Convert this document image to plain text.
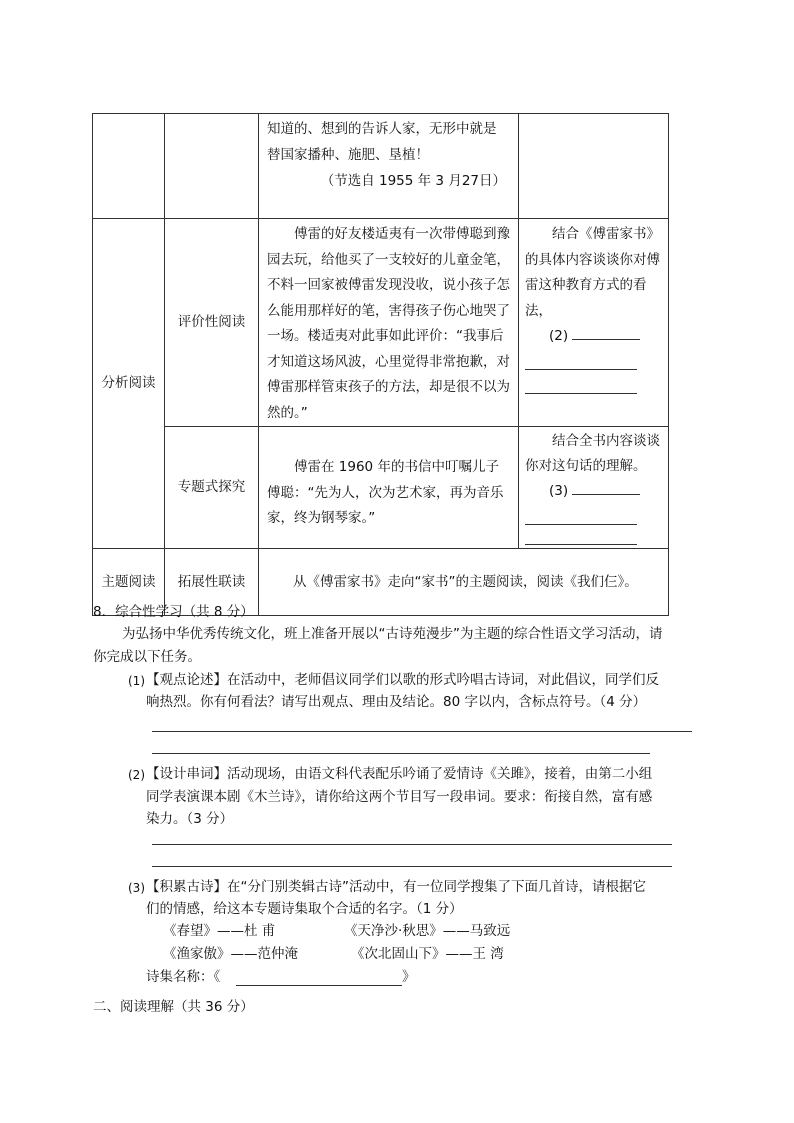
		知道的、想到的告诉人家，无形中就是
替国家播种、施肥、垦植！
（节选自 1955 年 3 月27日）	

分析阅读	评价性阅读	傅雷的好友楼适夷有一次带傅聪到豫园去玩，给他买了一支较好的儿童金笔，不料一回家被傅雷发现没收，说小孩子怎么能用那样好的笔，害得孩子伤心地哭了一场。楼适夷对此事如此评价：“我事后才知道这场风波，心里觉得非常抱歉，对傅雷那样管束孩子的方法，却是很不以为然的。”	结合《傅雷家书》的具体内容谈谈你对傅雷这种教育方式的看法，
(2)

	专题式探究	傅雷在 1960 年的书信中叮嘱儿子傅聪：“先为人，次为艺术家，再为音乐家，终为钢琴家。”	结合全书内容谈谈你对这句话的理解。
(3)

主题阅读	拓展性联读	从《傅雷家书》走向“家书”的主题阅读，阅读《我们仨》。	
8．综合性学习（共 8 分）
为弘扬中华优秀传统文化，班上准备开展以“古诗苑漫步”为主题的综合性语文学习活动，请
你完成以下任务。
(1) 【观点论述】在活动中，老师倡议同学们以歌的形式吟唱古诗词，对此倡议，同学们反
响热烈。你有何看法？请写出观点、理由及结论。80 字以内，含标点符号。（4 分）
(2) 【设计串词】活动现场，由语文科代表配乐吟诵了爱情诗《关雎》，接着，由第二小组
同学表演课本剧《木兰诗》，请你给这两个节目写一段串词。要求：衔接自然，富有感
染力。（3 分）
(3) 【积累古诗】在“分门别类辑古诗”活动中，有一位同学搜集了下面几首诗，请根据它
们的情感，给这本专题诗集取个合适的名字。（1 分）
《春望》——杜 甫	《天净沙·秋思》——马致远
《渔家傲》——范仲淹	《次北固山下》——王 湾
诗集名称：《	》
二、阅读理解（共 36 分）
